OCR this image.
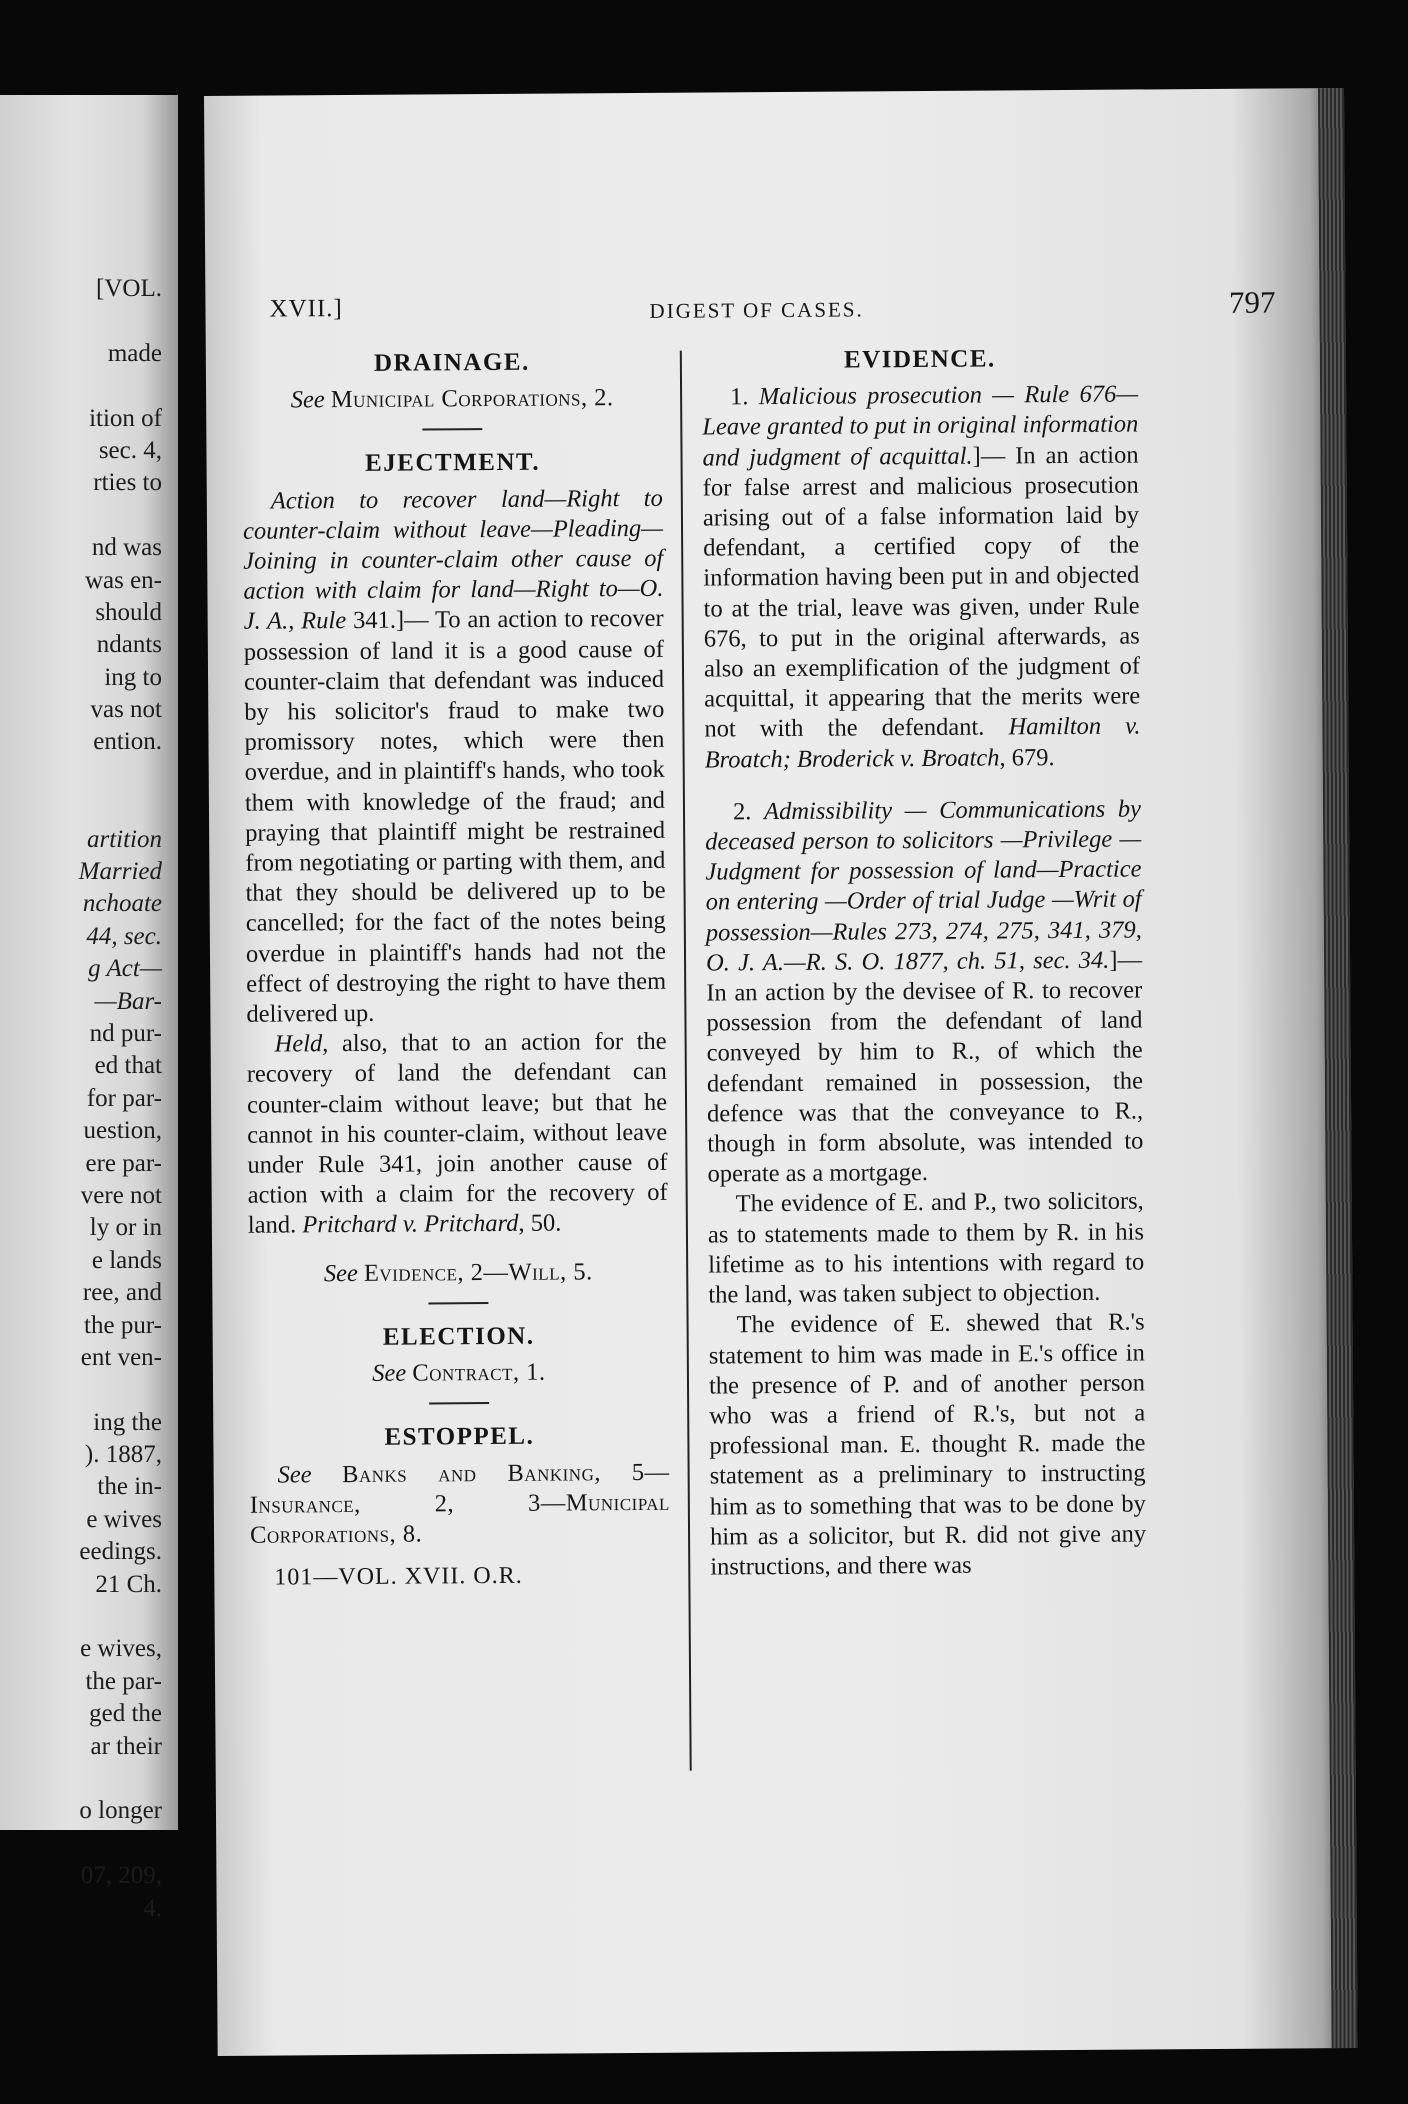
[VOL.

made

ition of
sec. 4,
rties to

nd was
was en-
should
ndants
ing to
vas not
ention.

artition
Married
nchoate
44, sec.
g Act—
—Bar-
nd pur-
ed that
for par-
uestion,
ere par-
vere not
ly or in
e lands
ree, and
the pur-
ent ven-

ing the
). 1887,
the in-
e wives
eedings.
21 Ch.

e wives,
the par-
ged the
ar their

o longer

07, 209,
4.
XVII.]	DIGEST OF CASES.	797
DRAINAGE.
See Municipal Corporations, 2.
EJECTMENT.

Action to recover land—Right to counter-claim without leave—Pleading—Joining in counter-claim other cause of action with claim for land—Right to—O. J. A., Rule 341.]— To an action to recover possession of land it is a good cause of counter-claim that defendant was induced by his solicitor's fraud to make two promissory notes, which were then overdue, and in plaintiff's hands, who took them with knowledge of the fraud; and praying that plaintiff might be restrained from negotiating or parting with them, and that they should be delivered up to be cancelled; for the fact of the notes being overdue in plaintiff's hands had not the effect of destroying the right to have them delivered up.

Held, also, that to an action for the recovery of land the defendant can counter-claim without leave; but that he cannot in his counter-claim, without leave under Rule 341, join another cause of action with a claim for the recovery of land. Pritchard v. Pritchard, 50.

See Evidence, 2—Will, 5.
ELECTION.
See Contract, 1.
ESTOPPEL.

See Banks and Banking, 5—Insurance, 2, 3—Municipal Corporations, 8.

101—VOL. XVII. O.R.
EVIDENCE.

1. Malicious prosecution — Rule 676—Leave granted to put in original information and judgment of acquittal.]— In an action for false arrest and malicious prosecution arising out of a false information laid by defendant, a certified copy of the information having been put in and objected to at the trial, leave was given, under Rule 676, to put in the original afterwards, as also an exemplification of the judgment of acquittal, it appearing that the merits were not with the defendant. Hamilton v. Broatch; Broderick v. Broatch, 679.

2. Admissibility — Communications by deceased person to solicitors —Privilege — Judgment for possession of land—Practice on entering —Order of trial Judge —Writ of possession—Rules 273, 274, 275, 341, 379, O. J. A.—R. S. O. 1877, ch. 51, sec. 34.]—In an action by the devisee of R. to recover possession from the defendant of land conveyed by him to R., of which the defendant remained in possession, the defence was that the conveyance to R., though in form absolute, was intended to operate as a mortgage.

The evidence of E. and P., two solicitors, as to statements made to them by R. in his lifetime as to his intentions with regard to the land, was taken subject to objection.

The evidence of E. shewed that R.'s statement to him was made in E.'s office in the presence of P. and of another person who was a friend of R.'s, but not a professional man. E. thought R. made the statement as a preliminary to instructing him as to something that was to be done by him as a solicitor, but R. did not give any instructions, and there was
